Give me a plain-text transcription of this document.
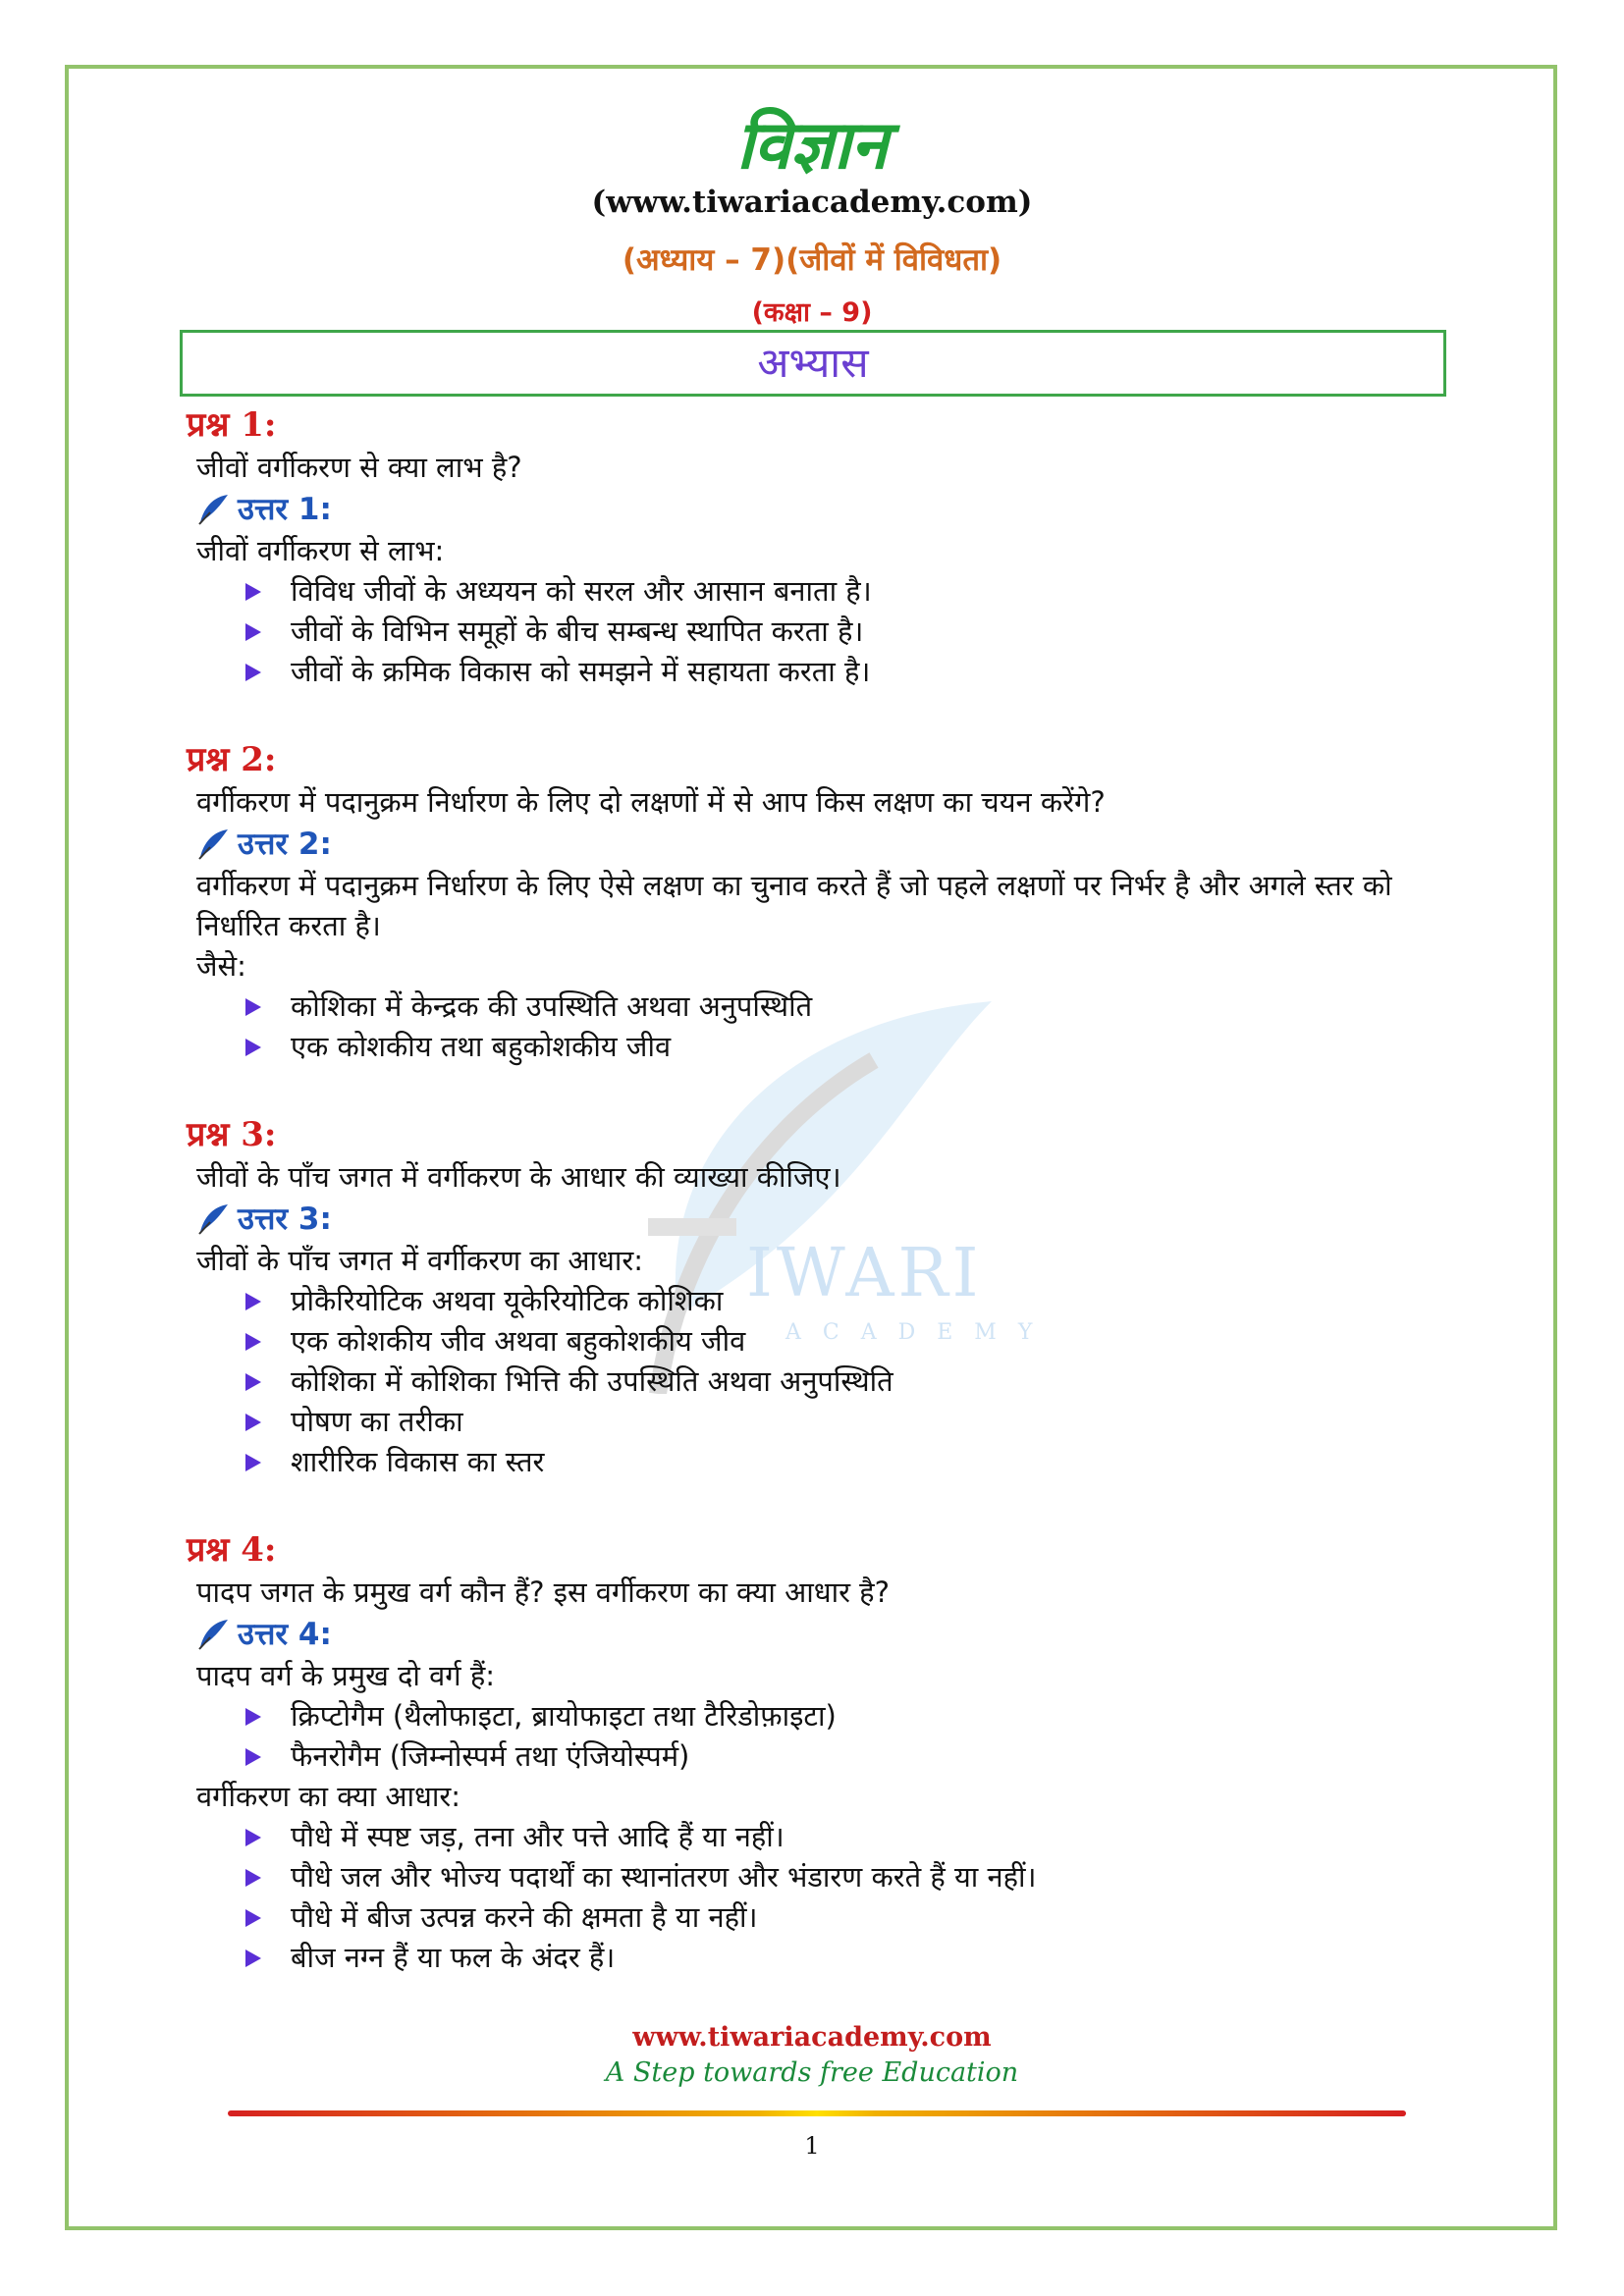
IWARI
ACADEMY
विज्ञान
(www.tiwariacademy.com)
(अध्याय – 7)(जीवों में विविधता)
(कक्षा – 9)
अभ्यास
प्रश्न 1:
जीवों वर्गीकरण से क्या लाभ है?
उत्तर 1:
जीवों वर्गीकरण से लाभ:
विविध जीवों के अध्ययन को सरल और आसान बनाता है।
जीवों के विभिन समूहों के बीच सम्बन्ध स्थापित करता है।
जीवों के क्रमिक विकास को समझने में सहायता करता है।
प्रश्न 2:
वर्गीकरण में पदानुक्रम निर्धारण के लिए दो लक्षणों में से आप किस लक्षण का चयन करेंगे?
उत्तर 2:
वर्गीकरण में पदानुक्रम निर्धारण के लिए ऐसे लक्षण का चुनाव करते हैं जो पहले लक्षणों पर निर्भर है और अगले स्तर को निर्धारित करता है।
जैसे:
कोशिका में केन्द्रक की उपस्थिति अथवा अनुपस्थिति
एक कोशकीय तथा बहुकोशकीय जीव
प्रश्न 3:
जीवों के पाँच जगत में वर्गीकरण के आधार की व्याख्या कीजिए।
उत्तर 3:
जीवों के पाँच जगत में वर्गीकरण का आधार:
प्रोकैरियोटिक अथवा यूकेरियोटिक कोशिका
एक कोशकीय जीव अथवा बहुकोशकीय जीव
कोशिका में कोशिका भित्ति की उपस्थिति अथवा अनुपस्थिति
पोषण का तरीका
शारीरिक विकास का स्तर
प्रश्न 4:
पादप जगत के प्रमुख वर्ग कौन हैं? इस वर्गीकरण का क्या आधार है?
उत्तर 4:
पादप वर्ग के प्रमुख दो वर्ग हैं:
क्रिप्टोगैम (थैलोफाइटा, ब्रायोफाइटा तथा टैरिडोफ़ाइटा)
फैनरोगैम (जिम्नोस्पर्म तथा एंजियोस्पर्म)
वर्गीकरण का क्या आधार:
पौधे में स्पष्ट जड़, तना और पत्ते आदि हैं या नहीं।
पौधे जल और भोज्य पदार्थों का स्थानांतरण और भंडारण करते हैं या नहीं।
पौधे में बीज उत्पन्न करने की क्षमता है या नहीं।
बीज नग्न हैं या फल के अंदर हैं।
www.tiwariacademy.com
A Step towards free Education
1
